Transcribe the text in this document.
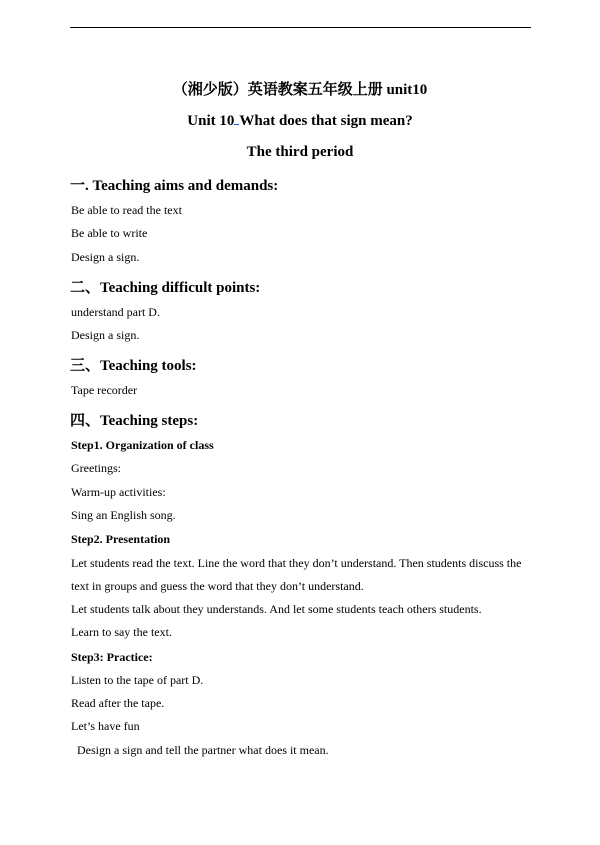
（湘少版）英语教案五年级上册 unit10
Unit 10 What does that sign mean?
The third period
一. Teaching aims and demands:
Be able to read the text
Be able to write
Design a sign.
二、Teaching difficult points:
understand part D.
Design a sign.
三、Teaching tools:
Tape recorder
四、Teaching steps:
Step1. Organization of class
Greetings:
Warm-up activities:
Sing an English song.
Step2. Presentation
Let students read the text. Line the word that they don’t understand. Then students discuss the
text in groups and guess the word that they don’t understand.
Let students talk about they understands. And let some students teach others students.
Learn to say the text.
Step3: Practice:
Listen to the tape of part D.
Read after the tape.
Let’s have fun
Design a sign and tell the partner what does it mean.
